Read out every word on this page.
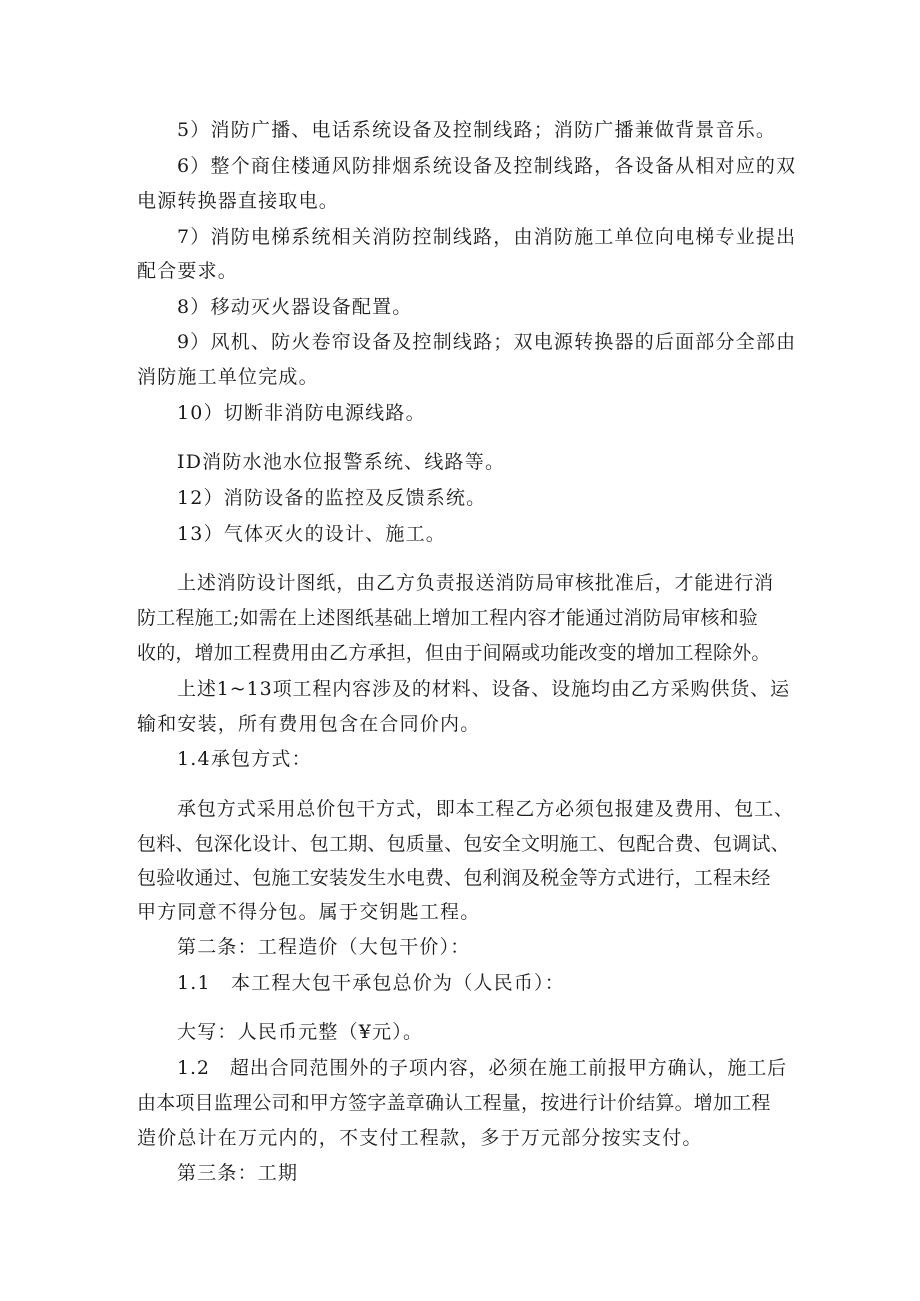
5）消防广播、电话系统设备及控制线路；消防广播兼做背景音乐。
6）整个商住楼通风防排烟系统设备及控制线路，各设备从相对应的双
电源转换器直接取电。
7）消防电梯系统相关消防控制线路，由消防施工单位向电梯专业提出
配合要求。
8）移动灭火器设备配置。
9）风机、防火卷帘设备及控制线路；双电源转换器的后面部分全部由
消防施工单位完成。
10）切断非消防电源线路。
ID消防水池水位报警系统、线路等。
12）消防设备的监控及反馈系统。
13）气体灭火的设计、施工。
上述消防设计图纸，由乙方负责报送消防局审核批准后，才能进行消
防工程施工;如需在上述图纸基础上增加工程内容才能通过消防局审核和验
收的，增加工程费用由乙方承担，但由于间隔或功能改变的增加工程除外。
上述1~13项工程内容涉及的材料、设备、设施均由乙方采购供货、运
输和安装，所有费用包含在合同价内。
1.4承包方式：
承包方式采用总价包干方式，即本工程乙方必须包报建及费用、包工、
包料、包深化设计、包工期、包质量、包安全文明施工、包配合费、包调试、
包验收通过、包施工安装发生水电费、包利润及税金等方式进行，工程未经
甲方同意不得分包。属于交钥匙工程。
第二条：工程造价（大包干价）：
1.1　本工程大包干承包总价为（人民币）：
大写：人民币元整（¥元）。
1.2　超出合同范围外的子项内容，必须在施工前报甲方确认，施工后
由本项目监理公司和甲方签字盖章确认工程量，按进行计价结算。增加工程
造价总计在万元内的，不支付工程款，多于万元部分按实支付。
第三条：工期
